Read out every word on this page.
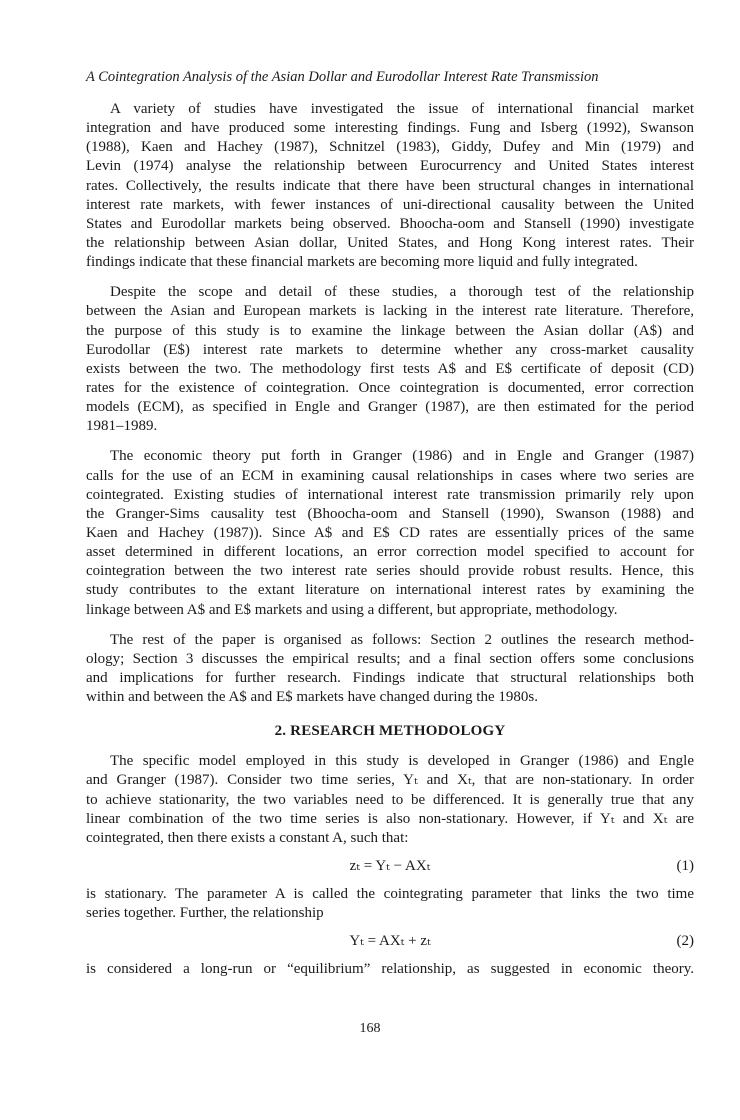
A Cointegration Analysis of the Asian Dollar and Eurodollar Interest Rate Transmission
A variety of studies have investigated the issue of international financial market
integration and have produced some interesting findings. Fung and Isberg (1992), Swanson
(1988), Kaen and Hachey (1987), Schnitzel (1983), Giddy, Dufey and Min (1979) and
Levin (1974) analyse the relationship between Eurocurrency and United States interest
rates. Collectively, the results indicate that there have been structural changes in international
interest rate markets, with fewer instances of uni-directional causality between the United
States and Eurodollar markets being observed. Bhoocha-oom and Stansell (1990) investigate
the relationship between Asian dollar, United States, and Hong Kong interest rates. Their
findings indicate that these financial markets are becoming more liquid and fully integrated.
Despite the scope and detail of these studies, a thorough test of the relationship
between the Asian and European markets is lacking in the interest rate literature. Therefore,
the purpose of this study is to examine the linkage between the Asian dollar (A$) and
Eurodollar (E$) interest rate markets to determine whether any cross-market causality
exists between the two. The methodology first tests A$ and E$ certificate of deposit (CD)
rates for the existence of cointegration. Once cointegration is documented, error correction
models (ECM), as specified in Engle and Granger (1987), are then estimated for the period
1981–1989.
The economic theory put forth in Granger (1986) and in Engle and Granger (1987)
calls for the use of an ECM in examining causal relationships in cases where two series are
cointegrated. Existing studies of international interest rate transmission primarily rely upon
the Granger-Sims causality test (Bhoocha-oom and Stansell (1990), Swanson (1988) and
Kaen and Hachey (1987)). Since A$ and E$ CD rates are essentially prices of the same
asset determined in different locations, an error correction model specified to account for
cointegration between the two interest rate series should provide robust results. Hence, this
study contributes to the extant literature on international interest rates by examining the
linkage between A$ and E$ markets and using a different, but appropriate, methodology.
The rest of the paper is organised as follows: Section 2 outlines the research method-
ology; Section 3 discusses the empirical results; and a final section offers some conclusions
and implications for further research. Findings indicate that structural relationships both
within and between the A$ and E$ markets have changed during the 1980s.
2. RESEARCH METHODOLOGY
The specific model employed in this study is developed in Granger (1986) and Engle
and Granger (1987). Consider two time series, Yₜ and Xₜ, that are non-stationary. In order
to achieve stationarity, the two variables need to be differenced. It is generally true that any
linear combination of the two time series is also non-stationary. However, if Yₜ and Xₜ are
cointegrated, then there exists a constant A, such that:
zₜ = Yₜ − AXₜ	(1)
is stationary. The parameter A is called the cointegrating parameter that links the two time
series together. Further, the relationship
Yₜ = AXₜ + zₜ	(2)
is considered a long-run or “equilibrium” relationship, as suggested in economic theory.
168
